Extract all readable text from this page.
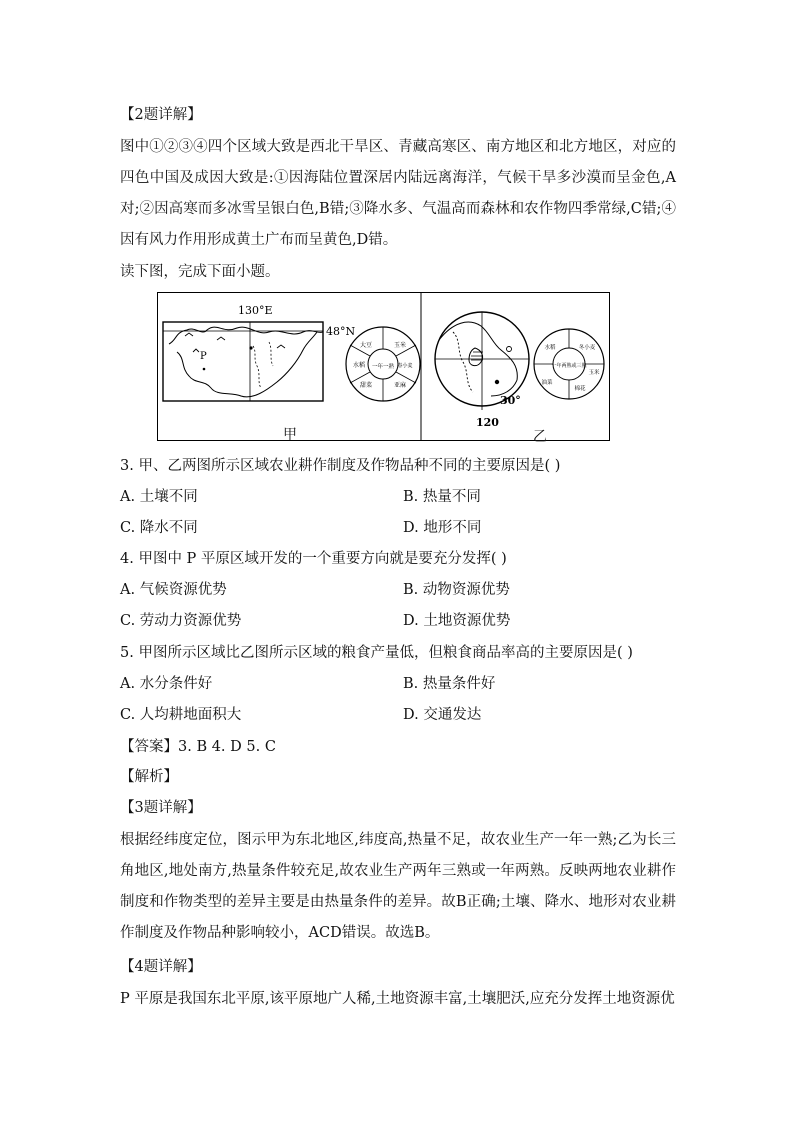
【2题详解】
图中①②③④四个区域大致是西北干旱区、青藏高寒区、南方地区和北方地区，对应的四色中国及成因大致是:①因海陆位置深居内陆远离海洋，气候干旱多沙漠而呈金色,A对;②因高寒而多冰雪呈银白色,B错;③降水多、气温高而森林和农作物四季常绿,C错;④因有风力作用形成黄土广布而呈黄色,D错。
读下图，完成下面小题。
P
130°E
48°N
一年一熟
大豆	玉米
春小麦
亚麻
甜菜
水稻
30°
120
一年两熟或三熟
冬小麦
玉米
棉花
油菜
水稻
甲	乙
3. 甲、乙两图所示区域农业耕作制度及作物品种不同的主要原因是( )
A. 土壤不同	B. 热量不同
C. 降水不同	D. 地形不同
4. 甲图中 P 平原区域开发的一个重要方向就是要充分发挥( )
A. 气候资源优势	B. 动物资源优势
C. 劳动力资源优势	D. 土地资源优势
5. 甲图所示区域比乙图所示区域的粮食产量低，但粮食商品率高的主要原因是( )
A. 水分条件好	B. 热量条件好
C. 人均耕地面积大	D. 交通发达
【答案】3. B 4. D 5. C
【解析】
【3题详解】
根据经纬度定位，图示甲为东北地区,纬度高,热量不足，故农业生产一年一熟;乙为长三角地区,地处南方,热量条件较充足,故农业生产两年三熟或一年两熟。反映两地农业耕作制度和作物类型的差异主要是由热量条件的差异。故B正确;土壤、降水、地形对农业耕作制度及作物品种影响较小，ACD错误。故选B。
【4题详解】
P 平原是我国东北平原,该平原地广人稀,土地资源丰富,土壤肥沃,应充分发挥土地资源优
